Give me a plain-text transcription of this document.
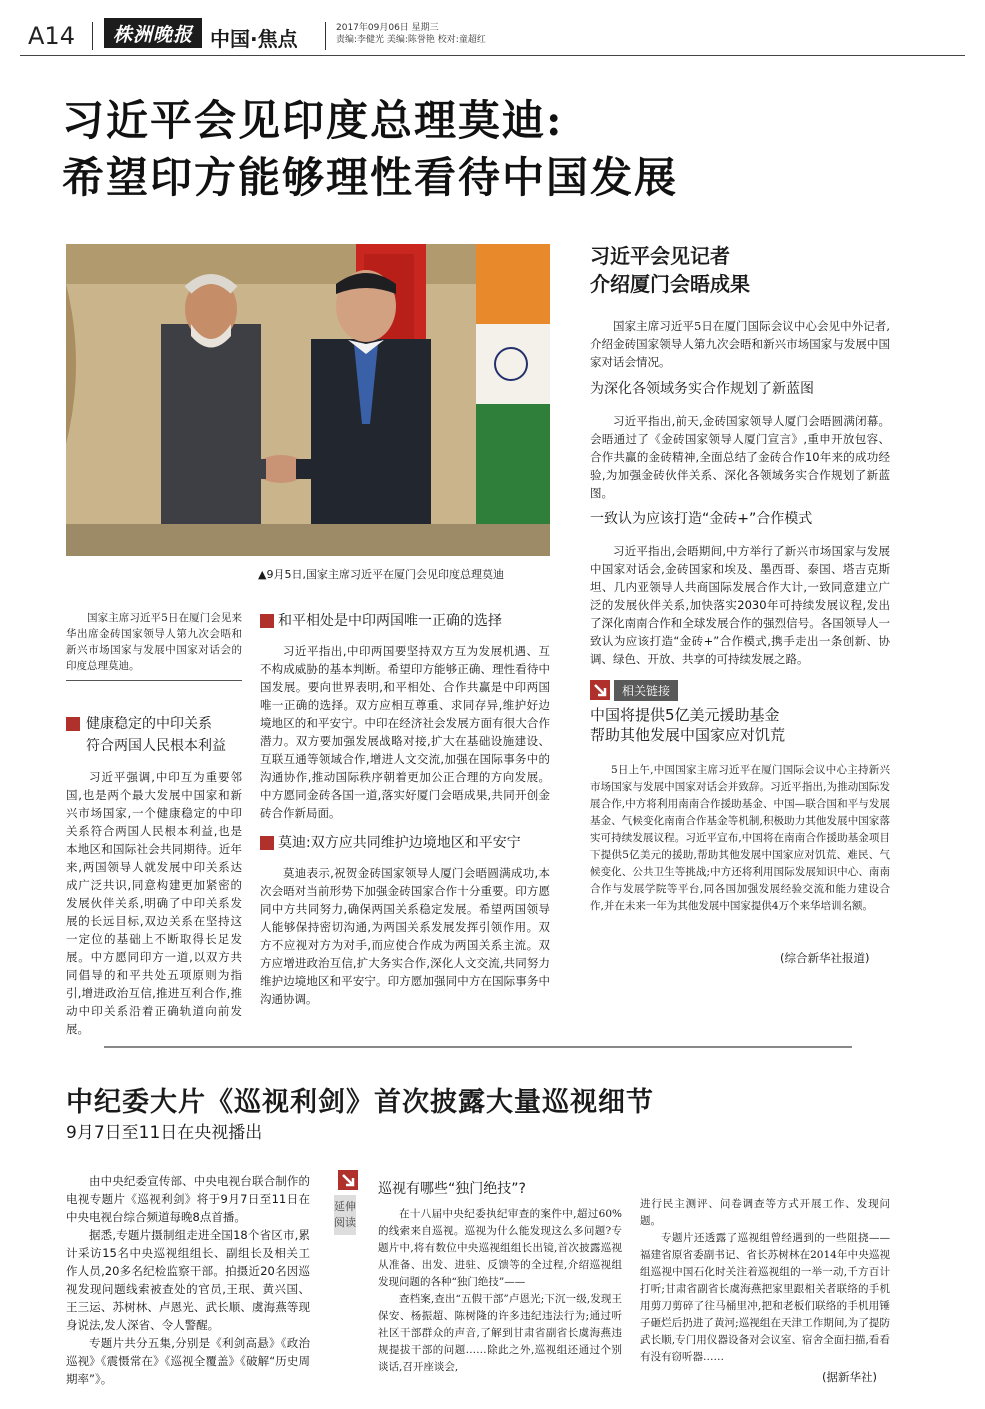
A14	株洲晚报 中国·焦点	2017年09月06日 星期三
责编:李健光 美编:陈誉艳 校对:童超红
习近平会见印度总理莫迪:
希望印方能够理性看待中国发展
▲9月5日,国家主席习近平在厦门会见印度总理莫迪
习近平会见记者
介绍厦门会晤成果

国家主席习近平5日在厦门国际会议中心会见中外记者,介绍金砖国家领导人第九次会晤和新兴市场国家与发展中国家对话会情况。

为深化各领域务实合作规划了新蓝图

习近平指出,前天,金砖国家领导人厦门会晤圆满闭幕。会晤通过了《金砖国家领导人厦门宣言》,重申开放包容、合作共赢的金砖精神,全面总结了金砖合作10年来的成功经验,为加强金砖伙伴关系、深化各领域务实合作规划了新蓝图。

一致认为应该打造“金砖+”合作模式

习近平指出,会晤期间,中方举行了新兴市场国家与发展中国家对话会,金砖国家和埃及、墨西哥、泰国、塔吉克斯坦、几内亚领导人共商国际发展合作大计,一致同意建立广泛的发展伙伴关系,加快落实2030年可持续发展议程,发出了深化南南合作和全球发展合作的强烈信号。各国领导人一致认为应该打造“金砖+”合作模式,携手走出一条创新、协调、绿色、开放、共享的可持续发展之路。

相关链接
中国将提供5亿美元援助基金
帮助其他发展中国家应对饥荒

5日上午,中国国家主席习近平在厦门国际会议中心主持新兴市场国家与发展中国家对话会并致辞。习近平指出,为推动国际发展合作,中方将利用南南合作援助基金、中国—联合国和平与发展基金、气候变化南南合作基金等机制,积极助力其他发展中国家落实可持续发展议程。习近平宣布,中国将在南南合作援助基金项目下提供5亿美元的援助,帮助其他发展中国家应对饥荒、难民、气候变化、公共卫生等挑战;中方还将利用国际发展知识中心、南南合作与发展学院等平台,同各国加强发展经验交流和能力建设合作,并在未来一年为其他发展中国家提供4万个来华培训名额。

(综合新华社报道)

国家主席习近平5日在厦门会见来华出席金砖国家领导人第九次会晤和新兴市场国家与发展中国家对话会的印度总理莫迪。

健康稳定的中印关系
符合两国人民根本利益

习近平强调,中印互为重要邻国,也是两个最大发展中国家和新兴市场国家,一个健康稳定的中印关系符合两国人民根本利益,也是本地区和国际社会共同期待。近年来,两国领导人就发展中印关系达成广泛共识,同意构建更加紧密的发展伙伴关系,明确了中印关系发展的长远目标,双边关系在坚持这一定位的基础上不断取得长足发展。中方愿同印方一道,以双方共同倡导的和平共处五项原则为指引,增进政治互信,推进互利合作,推动中印关系沿着正确轨道向前发展。

和平相处是中印两国唯一正确的选择

习近平指出,中印两国要坚持双方互为发展机遇、互不构成威胁的基本判断。希望印方能够正确、理性看待中国发展。要向世界表明,和平相处、合作共赢是中印两国唯一正确的选择。双方应相互尊重、求同存异,维护好边境地区的和平安宁。中印在经济社会发展方面有很大合作潜力。双方要加强发展战略对接,扩大在基础设施建设、互联互通等领域合作,增进人文交流,加强在国际事务中的沟通协作,推动国际秩序朝着更加公正合理的方向发展。中方愿同金砖各国一道,落实好厦门会晤成果,共同开创金砖合作新局面。

莫迪:双方应共同维护边境地区和平安宁

莫迪表示,祝贺金砖国家领导人厦门会晤圆满成功,本次会晤对当前形势下加强金砖国家合作十分重要。印方愿同中方共同努力,确保两国关系稳定发展。希望两国领导人能够保持密切沟通,为两国关系发展发挥引领作用。双方不应视对方为对手,而应使合作成为两国关系主流。双方应增进政治互信,扩大务实合作,深化人文交流,共同努力维护边境地区和平安宁。印方愿加强同中方在国际事务中沟通协调。

中纪委大片《巡视利剑》首次披露大量巡视细节
9月7日至11日在央视播出

由中央纪委宣传部、中央电视台联合制作的电视专题片《巡视利剑》将于9月7日至11日在中央电视台综合频道每晚8点首播。

据悉,专题片摄制组走进全国18个省区市,累计采访15名中央巡视组组长、副组长及相关工作人员,20多名纪检监察干部。拍摄近20名因巡视发现问题线索被查处的官员,王珉、黄兴国、王三运、苏树林、卢恩光、武长顺、虞海燕等现身说法,发人深省、令人警醒。

专题片共分五集,分别是《利剑高悬》《政治巡视》《震慑常在》《巡视全覆盖》《破解“历史周期率”》。

延伸阅读
巡视有哪些“独门绝技”?

在十八届中央纪委执纪审查的案件中,超过60%的线索来自巡视。巡视为什么能发现这么多问题?专题片中,将有数位中央巡视组组长出镜,首次披露巡视从准备、出发、进驻、反馈等的全过程,介绍巡视组发现问题的各种“独门绝技”——

查档案,查出“五假干部”卢恩光;下沉一级,发现王保安、杨振超、陈树隆的许多违纪违法行为;通过听社区干部群众的声音,了解到甘肃省副省长虞海燕违规提拔干部的问题……除此之外,巡视组还通过个别谈话,召开座谈会,

进行民主测评、问卷调查等方式开展工作、发现问题。

专题片还透露了巡视组曾经遇到的一些阻挠——福建省原省委副书记、省长苏树林在2014年中央巡视组巡视中国石化时关注着巡视组的一举一动,千方百计打听;甘肃省副省长虞海燕把家里跟相关者联络的手机用剪刀剪碎了往马桶里冲,把和老板们联络的手机用锤子砸烂后扔进了黄河;巡视组在天津工作期间,为了提防武长顺,专门用仪器设备对会议室、宿舍全面扫描,看看有没有窃听器……

(据新华社)
